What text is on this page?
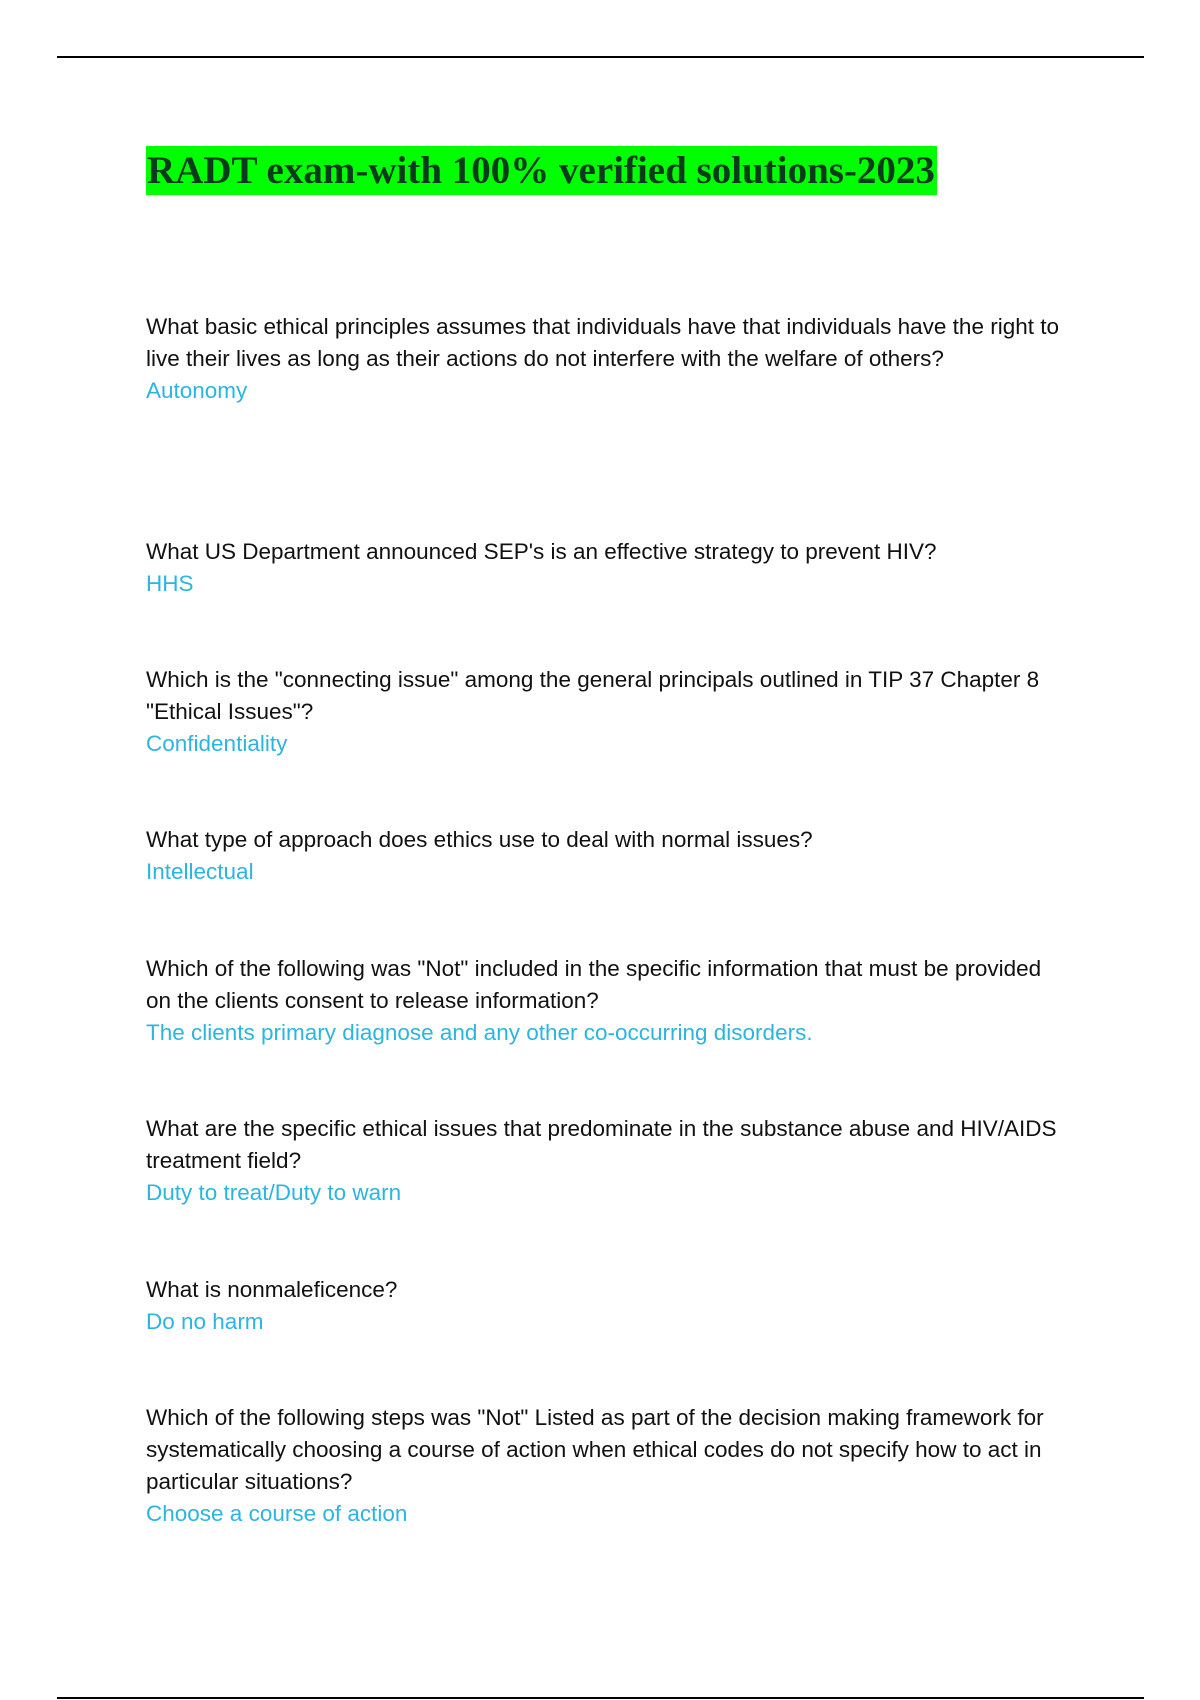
RADT exam-with 100% verified solutions-2023

What basic ethical principles assumes that individuals have that individuals have the right to live their lives as long as their actions do not interfere with the welfare of others?

Autonomy

What US Department announced SEP's is an effective strategy to prevent HIV?

HHS

Which is the "connecting issue" among the general principals outlined in TIP 37 Chapter 8 "Ethical Issues"?

Confidentiality

What type of approach does ethics use to deal with normal issues?

Intellectual

Which of the following was "Not" included in the specific information that must be provided on the clients consent to release information?

The clients primary diagnose and any other co-occurring disorders.

What are the specific ethical issues that predominate in the substance abuse and HIV/AIDS treatment field?

Duty to treat/Duty to warn

What is nonmaleficence?

Do no harm

Which of the following steps was "Not" Listed as part of the decision making framework for systematically choosing a course of action when ethical codes do not specify how to act in particular situations?

Choose a course of action
